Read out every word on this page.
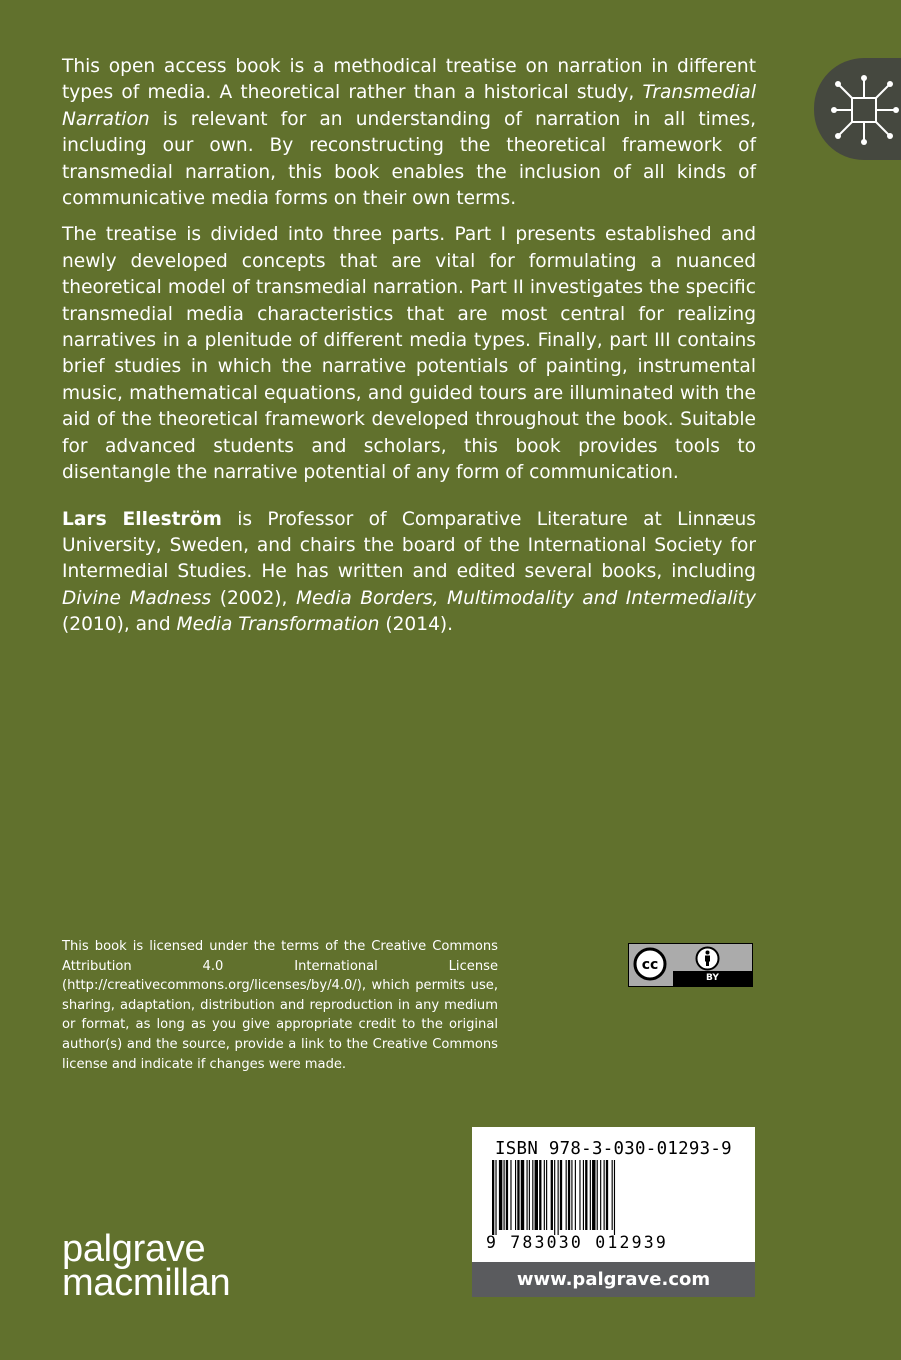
This open access book is a methodical treatise on narration in different types of media. A theoretical rather than a historical study, Transmedial Narration is relevant for an understanding of narration in all times, including our own. By reconstructing the theoretical framework of transmedial narration, this book enables the inclusion of all kinds of communicative media forms on their own terms.

The treatise is divided into three parts. Part I presents established and newly developed concepts that are vital for formulating a nuanced theoretical model of transmedial narration. Part II investigates the specific transmedial media characteristics that are most central for realizing narratives in a plenitude of different media types. Finally, part III contains brief studies in which the narrative potentials of painting, instrumental music, mathematical equations, and guided tours are illuminated with the aid of the theoretical framework developed throughout the book. Suitable for advanced students and scholars, this book provides tools to disentangle the narrative potential of any form of communication.

Lars Elleström is Professor of Comparative Literature at Linnæus University, Sweden, and chairs the board of the International Society for Intermedial Studies. He has written and edited several books, including Divine Madness (2002), Media Borders, Multimodality and Intermediality (2010), and Media Transformation (2014).

This book is licensed under the terms of the Creative Commons Attribution 4.0 International License (http://creativecommons.org/licenses/by/4.0/), which permits use, sharing, adaptation, distribution and reproduction in any medium or format, as long as you give appropriate credit to the original author(s) and the source, provide a link to the Creative Commons license and indicate if changes were made.
cc
BY
ISBN 978-3-030-01293-9
9 783030 012939
www.palgrave.com
palgrave
macmillan
